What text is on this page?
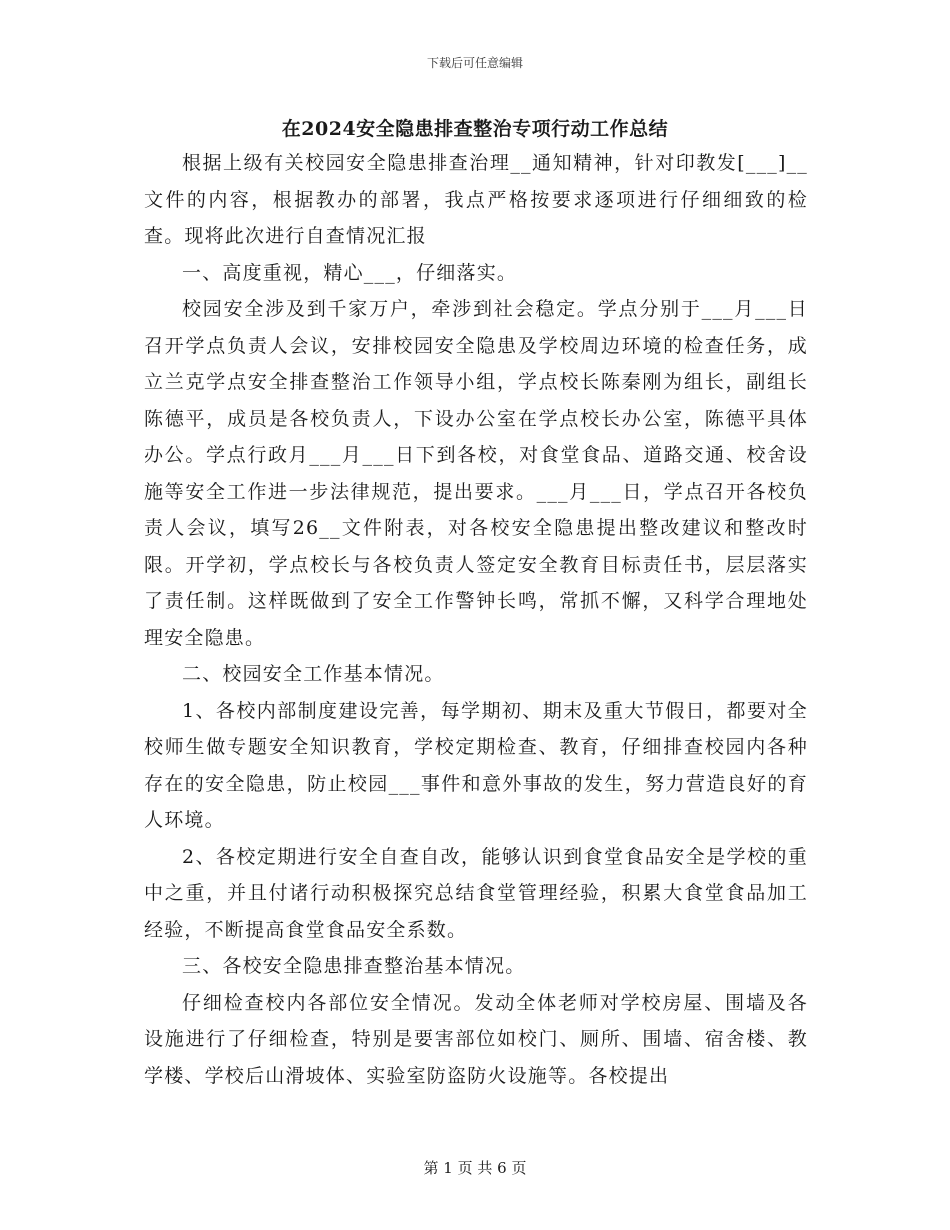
下载后可任意编辑
在2024安全隐患排查整治专项行动工作总结

根据上级有关校园安全隐患排查治理__通知精神，针对印教发[___]__文件的内容，根据教办的部署，我点严格按要求逐项进行仔细细致的检查。现将此次进行自查情况汇报

一、高度重视，精心___，仔细落实。

校园安全涉及到千家万户，牵涉到社会稳定。学点分别于___月___日召开学点负责人会议，安排校园安全隐患及学校周边环境的检查任务，成立兰克学点安全排查整治工作领导小组，学点校长陈秦刚为组长，副组长陈德平，成员是各校负责人，下设办公室在学点校长办公室，陈德平具体办公。学点行政月___月___日下到各校，对食堂食品、道路交通、校舍设施等安全工作进一步法律规范，提出要求。___月___日，学点召开各校负责人会议，填写26__文件附表，对各校安全隐患提出整改建议和整改时限。开学初，学点校长与各校负责人签定安全教育目标责任书，层层落实了责任制。这样既做到了安全工作警钟长鸣，常抓不懈，又科学合理地处理安全隐患。

二、校园安全工作基本情况。

1、各校内部制度建设完善，每学期初、期末及重大节假日，都要对全校师生做专题安全知识教育，学校定期检查、教育，仔细排查校园内各种存在的安全隐患，防止校园___事件和意外事故的发生，努力营造良好的育人环境。

2、各校定期进行安全自查自改，能够认识到食堂食品安全是学校的重中之重，并且付诸行动积极探究总结食堂管理经验，积累大食堂食品加工经验，不断提高食堂食品安全系数。

三、各校安全隐患排查整治基本情况。

仔细检查校内各部位安全情况。发动全体老师对学校房屋、围墙及各设施进行了仔细检查，特别是要害部位如校门、厕所、围墙、宿舍楼、教学楼、学校后山滑坡体、实验室防盗防火设施等。各校提出

第 1 页 共 6 页
